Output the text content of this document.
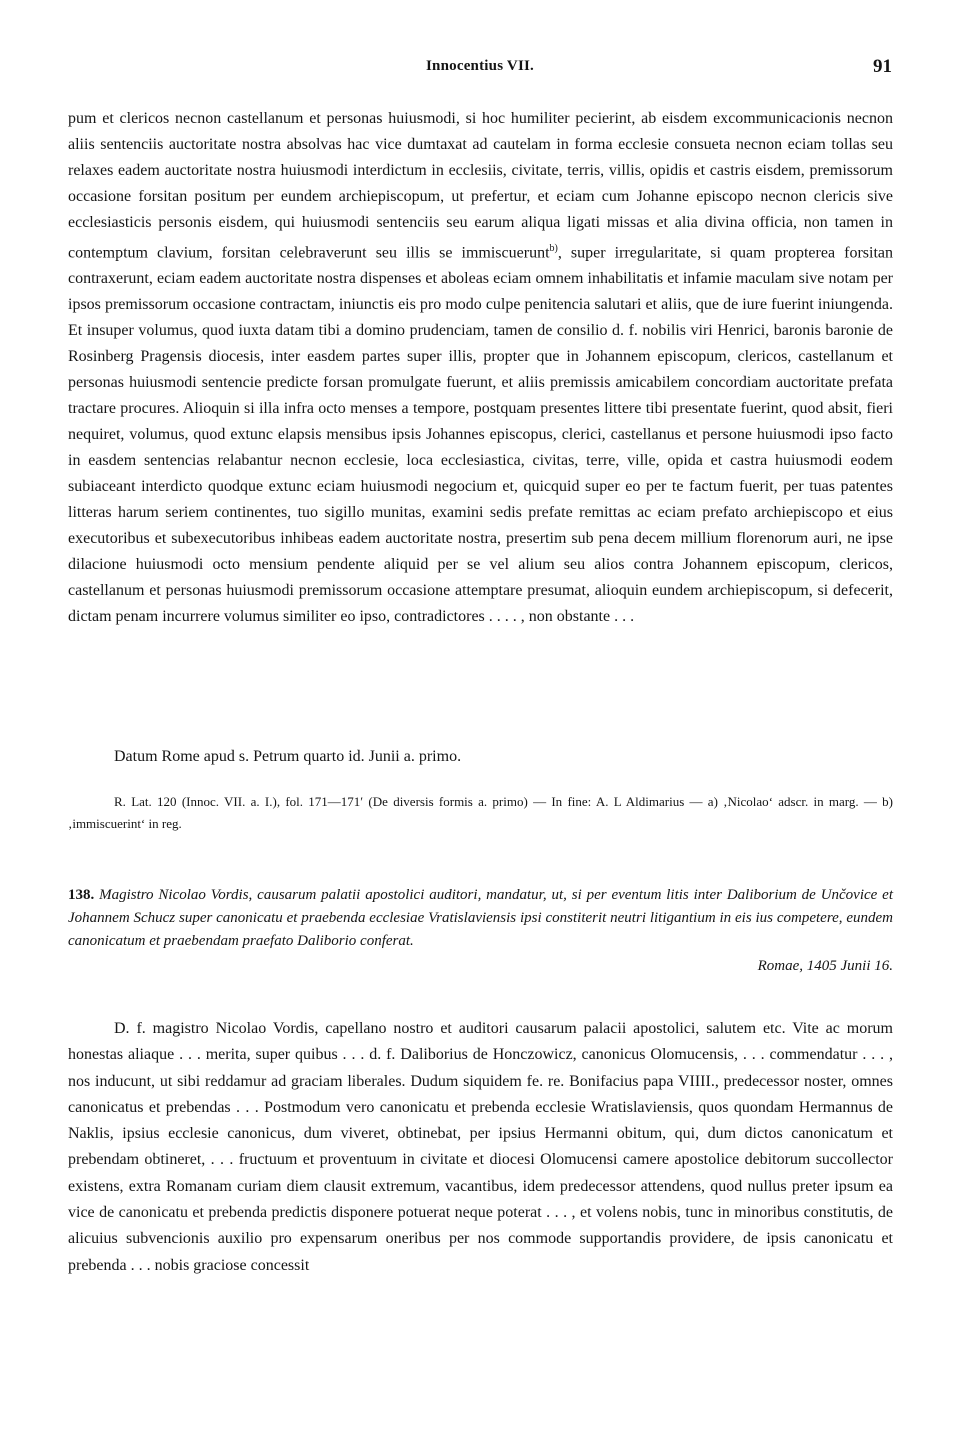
Innocentius VII.	91

pum et clericos necnon castellanum et personas huiusmodi, si hoc humiliter pecierint, ab eisdem excommunicacionis necnon aliis sentenciis auctoritate nostra absolvas hac vice dumtaxat ad cautelam in forma ecclesie consueta necnon eciam tollas seu relaxes eadem auctoritate nostra huiusmodi interdictum in ecclesiis, civitate, terris, villis, opidis et castris eisdem, premissorum occasione forsitan positum per eundem archiepiscopum, ut prefertur, et eciam cum Johanne episcopo necnon clericis sive ecclesiasticis personis eisdem, qui huiusmodi sentenciis seu earum aliqua ligati missas et alia divina officia, non tamen in contemptum clavium, forsitan celebraverunt seu illis se immiscuerunt$^{b)}$, super irregularitate, si quam propterea forsitan contraxerunt, eciam eadem auctoritate nostra dispenses et aboleas eciam omnem inhabilitatis et infamie maculam sive notam per ipsos premissorum occasione contractam, iniunctis eis pro modo culpe penitencia salutari et aliis, que de iure fuerint iniungenda. Et insuper volumus, quod iuxta datam tibi a domino prudenciam, tamen de consilio d. f. nobilis viri Henrici, baronis baronie de Rosinberg Pragensis diocesis, inter easdem partes super illis, propter que in Johannem episcopum, clericos, castellanum et personas huiusmodi sentencie predicte forsan promulgate fuerunt, et aliis premissis amicabilem concordiam auctoritate prefata tractare procures. Alioquin si illa infra octo menses a tempore, postquam presentes littere tibi presentate fuerint, quod absit, fieri nequiret, volumus, quod extunc elapsis mensibus ipsis Johannes episcopus, clerici, castellanus et persone huiusmodi ipso facto in easdem sentencias relabantur necnon ecclesie, loca ecclesiastica, civitas, terre, ville, opida et castra huiusmodi eodem subiaceant interdicto quodque extunc eciam huiusmodi negocium et, quicquid super eo per te factum fuerit, per tuas patentes litteras harum seriem continentes, tuo sigillo munitas, examini sedis prefate remittas ac eciam prefato archiepiscopo et eius executoribus et subexecutoribus inhibeas eadem auctoritate nostra, presertim sub pena decem millium florenorum auri, ne ipse dilacione huiusmodi octo mensium pendente aliquid per se vel alium seu alios contra Johannem episcopum, clericos, castellanum et personas huiusmodi premissorum occasione attemptare presumat, alioquin eundem archiepiscopum, si defecerit, dictam penam incurrere volumus similiter eo ipso, contradictores . . . . , non obstante . . .

Datum Rome apud s. Petrum quarto id. Junii a. primo.

R. Lat. 120 (Innoc. VII. a. I.), fol. 171—171′ (De diversis formis a. primo) — In fine: A. L Aldimarius — a) ‚Nicolao‘ adscr. in marg. — b) ‚immiscuerint‘ in reg.

138. Magistro Nicolao Vordis, causarum palatii apostolici auditori, mandatur, ut, si per eventum litis inter Daliborium de Unčovice et Johannem Schucz super canonicatu et praebenda ecclesiae Vratislaviensis ipsi constiterit neutri litigantium in eis ius competere, eundem canonicatum et praebendam praefato Daliborio conferat.

Romae, 1405 Junii 16.

D. f. magistro Nicolao Vordis, capellano nostro et auditori causarum palacii apostolici, salutem etc. Vite ac morum honestas aliaque . . . merita, super quibus . . . d. f. Daliborius de Honczowicz, canonicus Olomucensis, . . . commendatur . . . , nos inducunt, ut sibi reddamur ad graciam liberales. Dudum siquidem fe. re. Bonifacius papa VIIII., predecessor noster, omnes canonicatus et prebendas . . . Postmodum vero canonicatu et prebenda ecclesie Wratislaviensis, quos quondam Hermannus de Naklis, ipsius ecclesie canonicus, dum viveret, obtinebat, per ipsius Hermanni obitum, qui, dum dictos canonicatum et prebendam obtineret, . . . fructuum et proventuum in civitate et diocesi Olomucensi camere apostolice debitorum succollector existens, extra Romanam curiam diem clausit extremum, vacantibus, idem predecessor attendens, quod nullus preter ipsum ea vice de canonicatu et prebenda predictis disponere potuerat neque poterat . . . , et volens nobis, tunc in minoribus constitutis, de alicuius subvencionis auxilio pro expensarum oneribus per nos commode supportandis providere, de ipsis canonicatu et prebenda . . . nobis graciose concessit
